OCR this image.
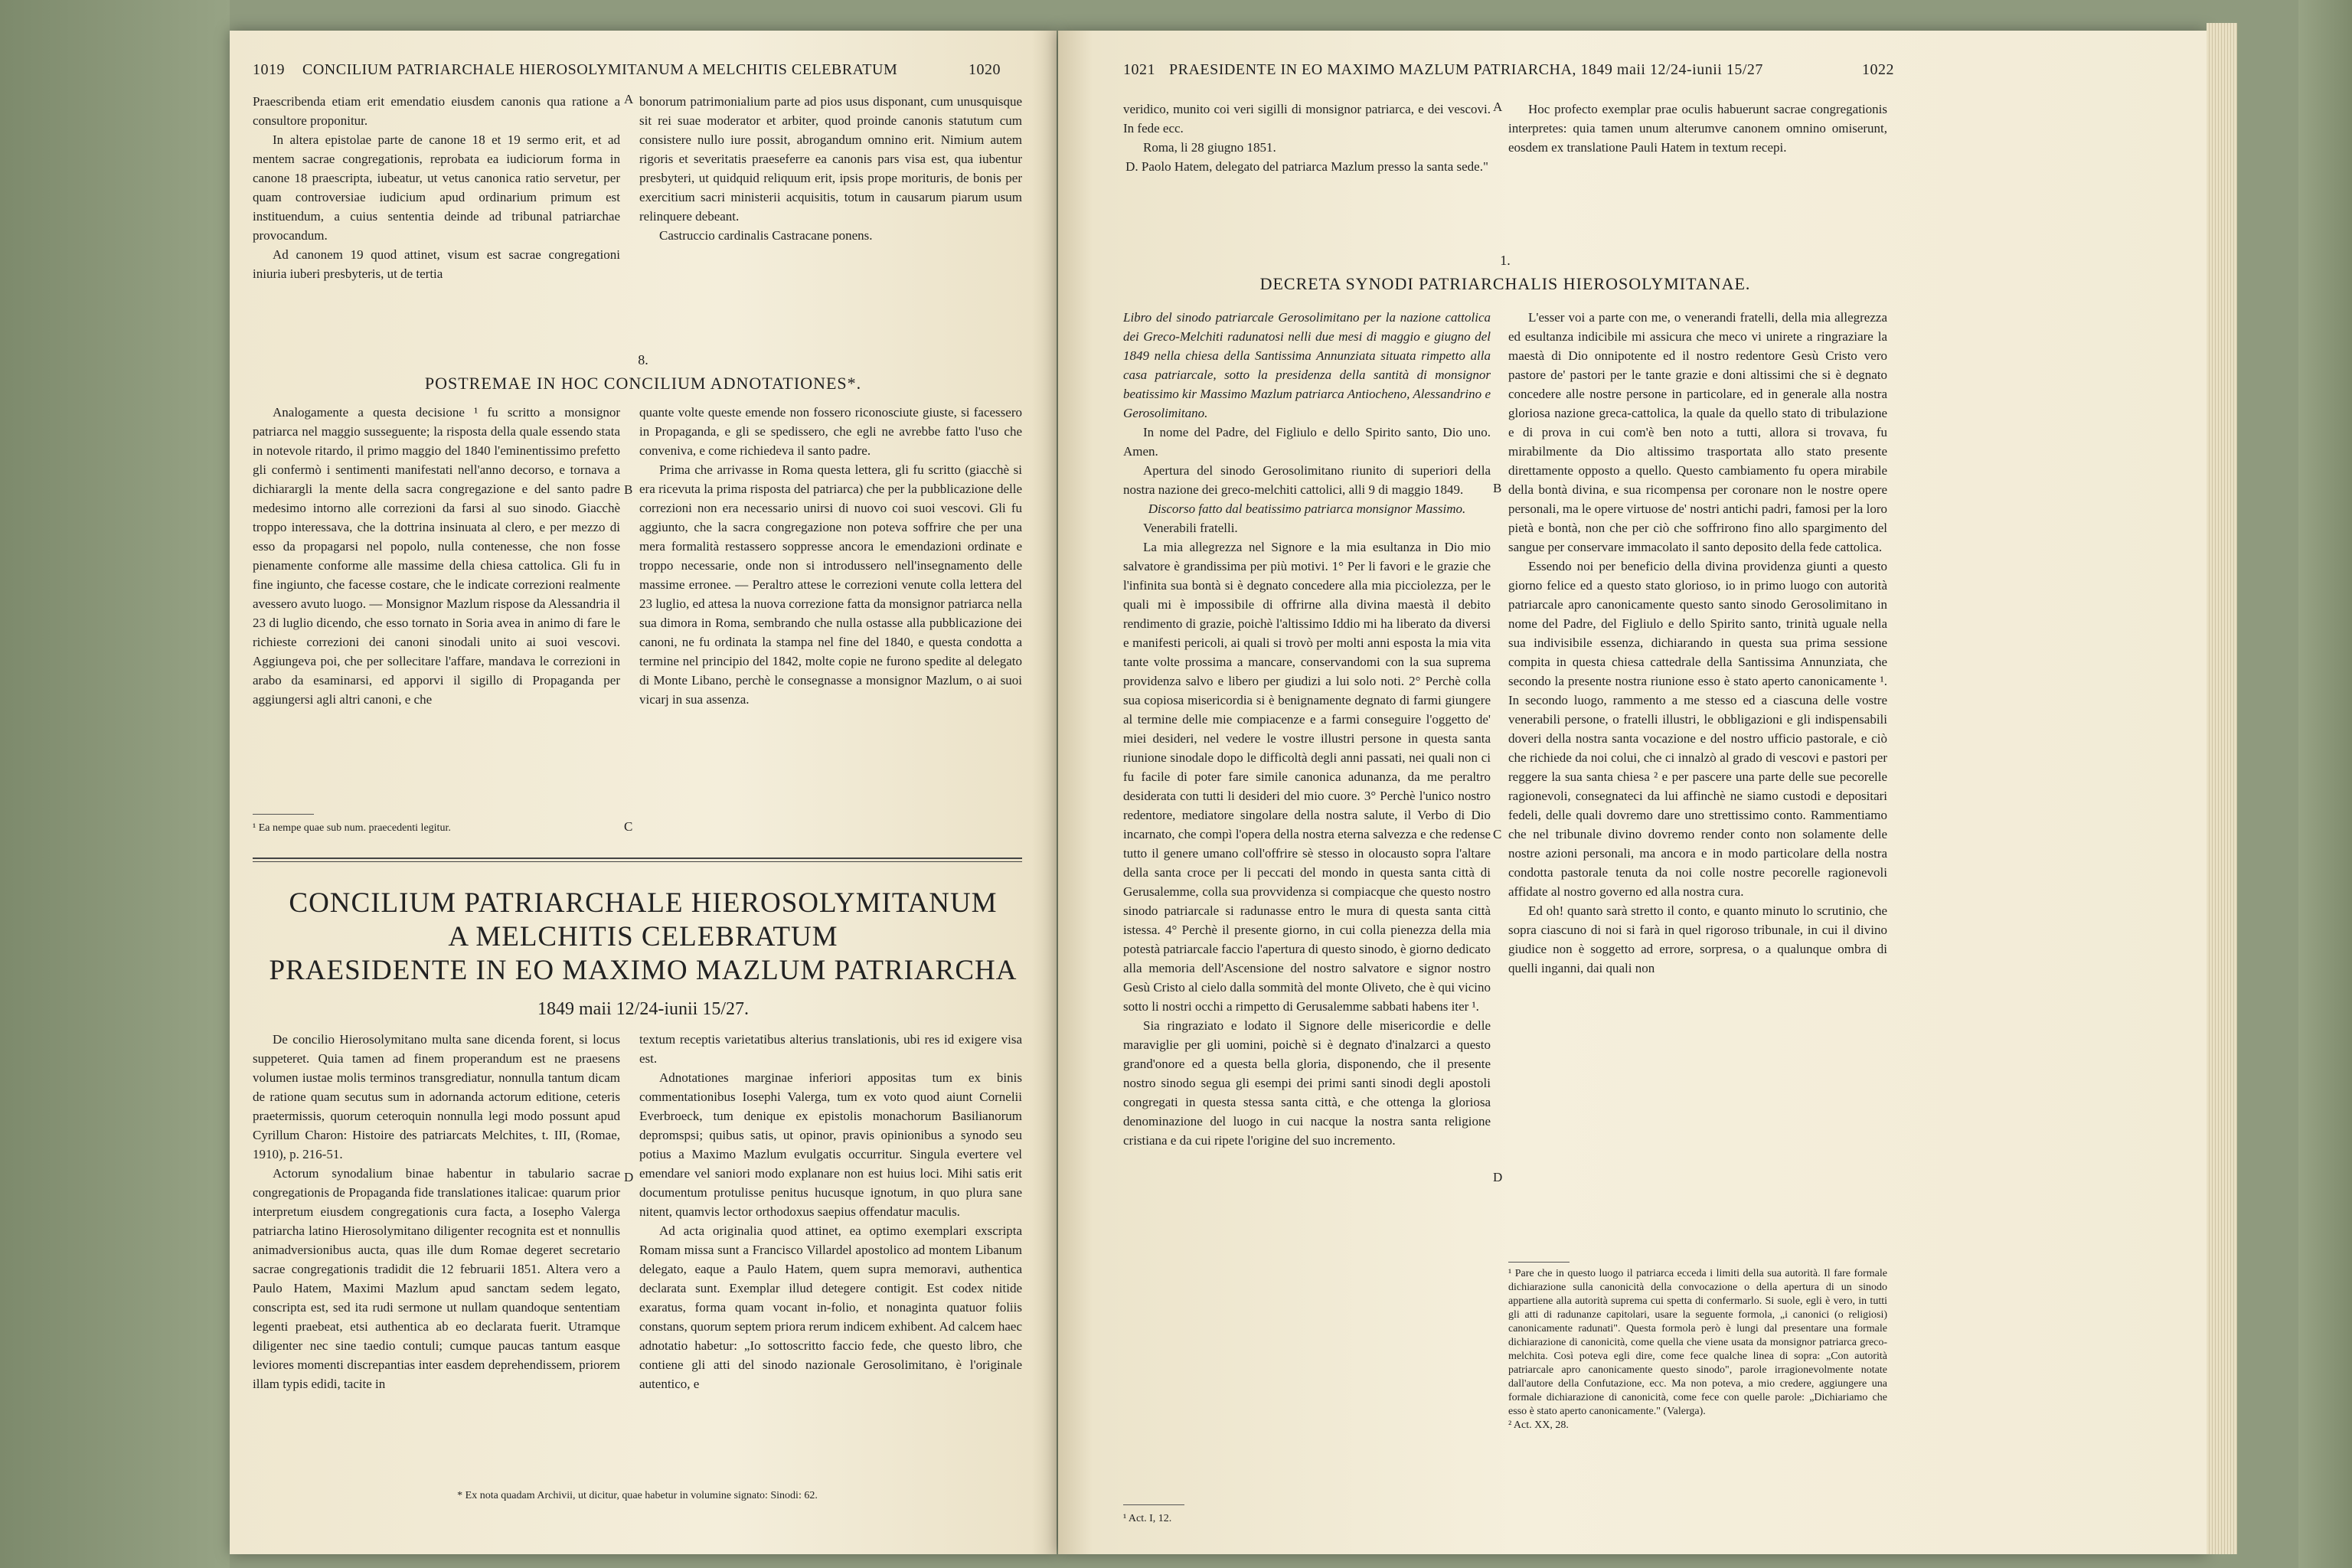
1019 CONCILIUM PATRIARCHALE HIEROSOLYMITANUM A MELCHITIS CELEBRATUM	1020

Praescribenda etiam erit emendatio eiusdem canonis qua ratione a consultore proponitur.

In altera epistolae parte de canone 18 et 19 sermo erit, et ad mentem sacrae congregationis, reprobata ea iudiciorum forma in canone 18 praescripta, iubeatur, ut vetus canonica ratio servetur, per quam controversiae iudicium apud ordinarium primum est instituendum, a cuius sententia deinde ad tribunal patriarchae provocandum.

Ad canonem 19 quod attinet, visum est sacrae congregationi iniuria iuberi presbyteris, ut de tertia

A bonorum patrimonialium parte ad pios usus disponant, cum unusquisque sit rei suae moderator et arbiter, quod proinde canonis statutum cum consistere nullo iure possit, abrogandum omnino erit. Nimium autem rigoris et severitatis praeseferre ea canonis pars visa est, qua iubentur presbyteri, ut quidquid reliquum erit, ipsis prope morituris, de bonis per exercitium sacri ministerii acquisitis, totum in causarum piarum usum relinquere debeant.

Castruccio cardinalis Castracane ponens.

8.
POSTREMAE IN HOC CONCILIUM ADNOTATIONES*.

Analogamente a questa decisione ¹ fu scritto a monsignor patriarca nel maggio susseguente; la risposta della quale essendo stata in notevole ritardo, il primo maggio del 1840 l'eminentissimo prefetto gli confermò i sentimenti manifestati nell'anno decorso, e tornava a dichiarargli la mente della sacra congregazione e del santo padre medesimo intorno alle correzioni da farsi al suo sinodo. Giacchè troppo interessava, che la dottrina insinuata al clero, e per mezzo di esso da propagarsi nel popolo, nulla contenesse, che non fosse pienamente conforme alle massime della chiesa cattolica. Gli fu in fine ingiunto, che facesse costare, che le indicate correzioni realmente avessero avuto luogo. — Monsignor Mazlum rispose da Alessandria il 23 di luglio dicendo, che esso tornato in Soria avea in animo di fare le richieste correzioni dei canoni sinodali unito ai suoi vescovi. Aggiungeva poi, che per sollecitare l'affare, mandava le correzioni in arabo da esaminarsi, ed apporvi il sigillo di Propaganda per aggiungersi agli altri canoni, e che

B

quante volte queste emende non fossero riconosciute giuste, si facessero in Propaganda, e gli se spedissero, che egli ne avrebbe fatto l'uso che conveniva, e come richiedeva il santo padre.

Prima che arrivasse in Roma questa lettera, gli fu scritto (giacchè si era ricevuta la prima risposta del patriarca) che per la pubblicazione delle correzioni non era necessario unirsi di nuovo coi suoi vescovi. Gli fu aggiunto, che la sacra congregazione non poteva soffrire che per una mera formalità restassero soppresse ancora le emendazioni ordinate e troppo necessarie, onde non si introdussero nell'insegnamento delle massime erronee. — Peraltro attese le correzioni venute colla lettera del 23 luglio, ed attesa la nuova correzione fatta da monsignor patriarca nella sua dimora in Roma, sembrando che nulla ostasse alla pubblicazione dei canoni, ne fu ordinata la stampa nel fine del 1840, e questa condotta a termine nel principio del 1842, molte copie ne furono spedite al delegato di Monte Libano, perchè le consegnasse a monsignor Mazlum, o ai suoi vicarj in sua assenza.

¹ Ea nempe quae sub num. praecedenti legitur.	C
CONCILIUM PATRIARCHALE HIEROSOLYMITANUM
A MELCHITIS CELEBRATUM
PRAESIDENTE IN EO MAXIMO MAZLUM PATRIARCHA
1849 maii 12/24-iunii 15/27.

De concilio Hierosolymitano multa sane dicenda forent, si locus suppeteret. Quia tamen ad finem properandum est ne praesens volumen iustae molis terminos transgrediatur, nonnulla tantum dicam de ratione quam secutus sum in adornanda actorum editione, ceteris praetermissis, quorum ceteroquin nonnulla legi modo possunt apud Cyrillum Charon: Histoire des patriarcats Melchites, t. III, (Romae, 1910), p. 216-51.

Actorum synodalium binae habentur in tabulario sacrae congregationis de Propaganda fide translationes italicae: quarum prior interpretum eiusdem congregationis cura facta, a Iosepho Valerga patriarcha latino Hierosolymitano diligenter recognita est et nonnullis animadversionibus aucta, quas ille dum Romae degeret secretario sacrae congregationis tradidit die 12 februarii 1851. Altera vero a Paulo Hatem, Maximi Mazlum apud sanctam sedem legato, conscripta est, sed ita rudi sermone ut nullam quandoque sententiam legenti praebeat, etsi authentica ab eo declarata fuerit. Utramque diligenter nec sine taedio contuli; cumque paucas tantum easque leviores momenti discrepantias inter easdem deprehendissem, priorem illam typis edidi, tacite in

D

textum receptis varietatibus alterius translationis, ubi res id exigere visa est.

Adnotationes marginae inferiori appositas tum ex binis commentationibus Iosephi Valerga, tum ex voto quod aiunt Cornelii Everbroeck, tum denique ex epistolis monachorum Basilianorum depromspsi; quibus satis, ut opinor, pravis opinionibus a synodo seu potius a Maximo Mazlum evulgatis occurritur. Singula evertere vel emendare vel saniori modo explanare non est huius loci. Mihi satis erit documentum protulisse penitus hucusque ignotum, in quo plura sane nitent, quamvis lector orthodoxus saepius offendatur maculis.

Ad acta originalia quod attinet, ea optimo exemplari exscripta Romam missa sunt a Francisco Villardel apostolico ad montem Libanum delegato, eaque a Paulo Hatem, quem supra memoravi, authentica declarata sunt. Exemplar illud detegere contigit. Est codex nitide exaratus, forma quam vocant in-folio, et nonaginta quatuor foliis constans, quorum septem priora rerum indicem exhibent. Ad calcem haec adnotatio habetur: „Io sottoscritto faccio fede, che questo libro, che contiene gli atti del sinodo nazionale Gerosolimitano, è l'originale autentico, e

* Ex nota quadam Archivii, ut dicitur, quae habetur in volumine signato: Sinodi: 62.
1021 PRAESIDENTE IN EO MAXIMO MAZLUM PATRIARCHA, 1849 maii 12/24-iunii 15/27	1022

veridico, munito coi veri sigilli di monsignor patriarca, e dei vescovi. In fede ecc.

Roma, li 28 giugno 1851.

D. Paolo Hatem, delegato del patriarca Mazlum presso la santa sede."

A	Hoc profecto exemplar prae oculis habuerunt sacrae congregationis interpretes: quia tamen unum alterumve canonem omnino omiserunt, eosdem ex translatione Pauli Hatem in textum recepi.

1.
DECRETA SYNODI PATRIARCHALIS HIEROSOLYMITANAE.

Libro del sinodo patriarcale Gerosolimitano per la nazione cattolica dei Greco-Melchiti radunatosi nelli due mesi di maggio e giugno del 1849 nella chiesa della Santissima Annunziata situata rimpetto alla casa patriarcale, sotto la presidenza della santità di monsignor beatissimo kir Massimo Mazlum patriarca Antiocheno, Alessandrino e Gerosolimitano.

In nome del Padre, del Figliulo e dello Spirito santo, Dio uno. Amen.

Apertura del sinodo Gerosolimitano riunito di superiori della nostra nazione dei greco-melchiti cattolici, alli 9 di maggio 1849.

Discorso fatto dal beatissimo patriarca monsignor Massimo.

Venerabili fratelli.

La mia allegrezza nel Signore e la mia esultanza in Dio mio salvatore è grandissima per più motivi. 1° Per li favori e le grazie che l'infinita sua bontà si è degnato concedere alla mia picciolezza, per le quali mi è impossibile di offrirne alla divina maestà il debito rendimento di grazie, poichè l'altissimo Iddio mi ha liberato da diversi e manifesti pericoli, ai quali si trovò per molti anni esposta la mia vita tante volte prossima a mancare, conservandomi con la sua suprema providenza salvo e libero per giudizi a lui solo noti. 2° Perchè colla sua copiosa misericordia si è benignamente degnato di farmi giungere al termine delle mie compiacenze e a farmi conseguire l'oggetto de' miei desideri, nel vedere le vostre illustri persone in questa santa riunione sinodale dopo le difficoltà degli anni passati, nei quali non ci fu facile di poter fare simile canonica adunanza, da me peraltro desiderata con tutti li desideri del mio cuore. 3° Perchè l'unico nostro redentore, mediatore singolare della nostra salute, il Verbo di Dio incarnato, che compì l'opera della nostra eterna salvezza e che redense tutto il genere umano coll'offrire sè stesso in olocausto sopra l'altare della santa croce per li peccati del mondo in questa santa città di Gerusalemme, colla sua provvidenza si compiacque che questo nostro sinodo patriarcale si radunasse entro le mura di questa santa città istessa. 4° Perchè il presente giorno, in cui colla pienezza della mia potestà patriarcale faccio l'apertura di questo sinodo, è giorno dedicato alla memoria dell'Ascensione del nostro salvatore e signor nostro Gesù Cristo al cielo dalla sommità del monte Oliveto, che è qui vicino sotto li nostri occhi a rimpetto di Gerusalemme sabbati habens iter ¹.

Sia ringraziato e lodato il Signore delle misericordie e delle maraviglie per gli uomini, poichè si è degnato d'inalzarci a questo grand'onore ed a questa bella gloria, disponendo, che il presente nostro sinodo segua gli esempi dei primi santi sinodi degli apostoli congregati in questa stessa santa città, e che ottenga la gloriosa denominazione del luogo in cui nacque la nostra santa religione cristiana e da cui ripete l'origine del suo incremento.

B
C
D
¹ Act. I, 12.

L'esser voi a parte con me, o venerandi fratelli, della mia allegrezza ed esultanza indicibile mi assicura che meco vi unirete a ringraziare la maestà di Dio onnipotente ed il nostro redentore Gesù Cristo vero pastore de' pastori per le tante grazie e doni altissimi che si è degnato concedere alle nostre persone in particolare, ed in generale alla nostra gloriosa nazione greca-cattolica, la quale da quello stato di tribulazione e di prova in cui com'è ben noto a tutti, allora si trovava, fu mirabilmente da Dio altissimo trasportata allo stato presente direttamente opposto a quello. Questo cambiamento fu opera mirabile della bontà divina, e sua ricompensa per coronare non le nostre opere personali, ma le opere virtuose de' nostri antichi padri, famosi per la loro pietà e bontà, non che per ciò che soffrirono fino allo spargimento del sangue per conservare immacolato il santo deposito della fede cattolica.

Essendo noi per beneficio della divina providenza giunti a questo giorno felice ed a questo stato glorioso, io in primo luogo con autorità patriarcale apro canonicamente questo santo sinodo Gerosolimitano in nome del Padre, del Figliulo e dello Spirito santo, trinità uguale nella sua indivisibile essenza, dichiarando in questa sua prima sessione compita in questa chiesa cattedrale della Santissima Annunziata, che secondo la presente nostra riunione esso è stato aperto canonicamente ¹. In secondo luogo, rammento a me stesso ed a ciascuna delle vostre venerabili persone, o fratelli illustri, le obbligazioni e gli indispensabili doveri della nostra santa vocazione e del nostro ufficio pastorale, e ciò che richiede da noi colui, che ci innalzò al grado di vescovi e pastori per reggere la sua santa chiesa ² e per pascere una parte delle sue pecorelle ragionevoli, consegnateci da lui affinchè ne siamo custodi e depositari fedeli, delle quali dovremo dare uno strettissimo conto. Rammentiamo che nel tribunale divino dovremo render conto non solamente delle nostre azioni personali, ma ancora e in modo particolare della nostra condotta pastorale tenuta da noi colle nostre pecorelle ragionevoli affidate al nostro governo ed alla nostra cura.

Ed oh! quanto sarà stretto il conto, e quanto minuto lo scrutinio, che sopra ciascuno di noi si farà in quel rigoroso tribunale, in cui il divino giudice non è soggetto ad errore, sorpresa, o a qualunque ombra di quelli inganni, dai quali non

¹ Pare che in questo luogo il patriarca ecceda i limiti della sua autorità. Il fare formale dichiarazione sulla canonicità della convocazione o della apertura di un sinodo appartiene alla autorità suprema cui spetta di confermarlo. Si suole, egli è vero, in tutti gli atti di radunanze capitolari, usare la seguente formola, „i canonici (o religiosi) canonicamente radunati". Questa formola però è lungi dal presentare una formale dichiarazione di canonicità, come quella che viene usata da monsignor patriarca greco-melchita. Così poteva egli dire, come fece qualche linea di sopra: „Con autorità patriarcale apro canonicamente questo sinodo", parole irragionevolmente notate dall'autore della Confutazione, ecc. Ma non poteva, a mio credere, aggiungere una formale dichiarazione di canonicità, come fece con quelle parole: „Dichiariamo che esso è stato aperto canonicamente." (Valerga).
² Act. XX, 28.
